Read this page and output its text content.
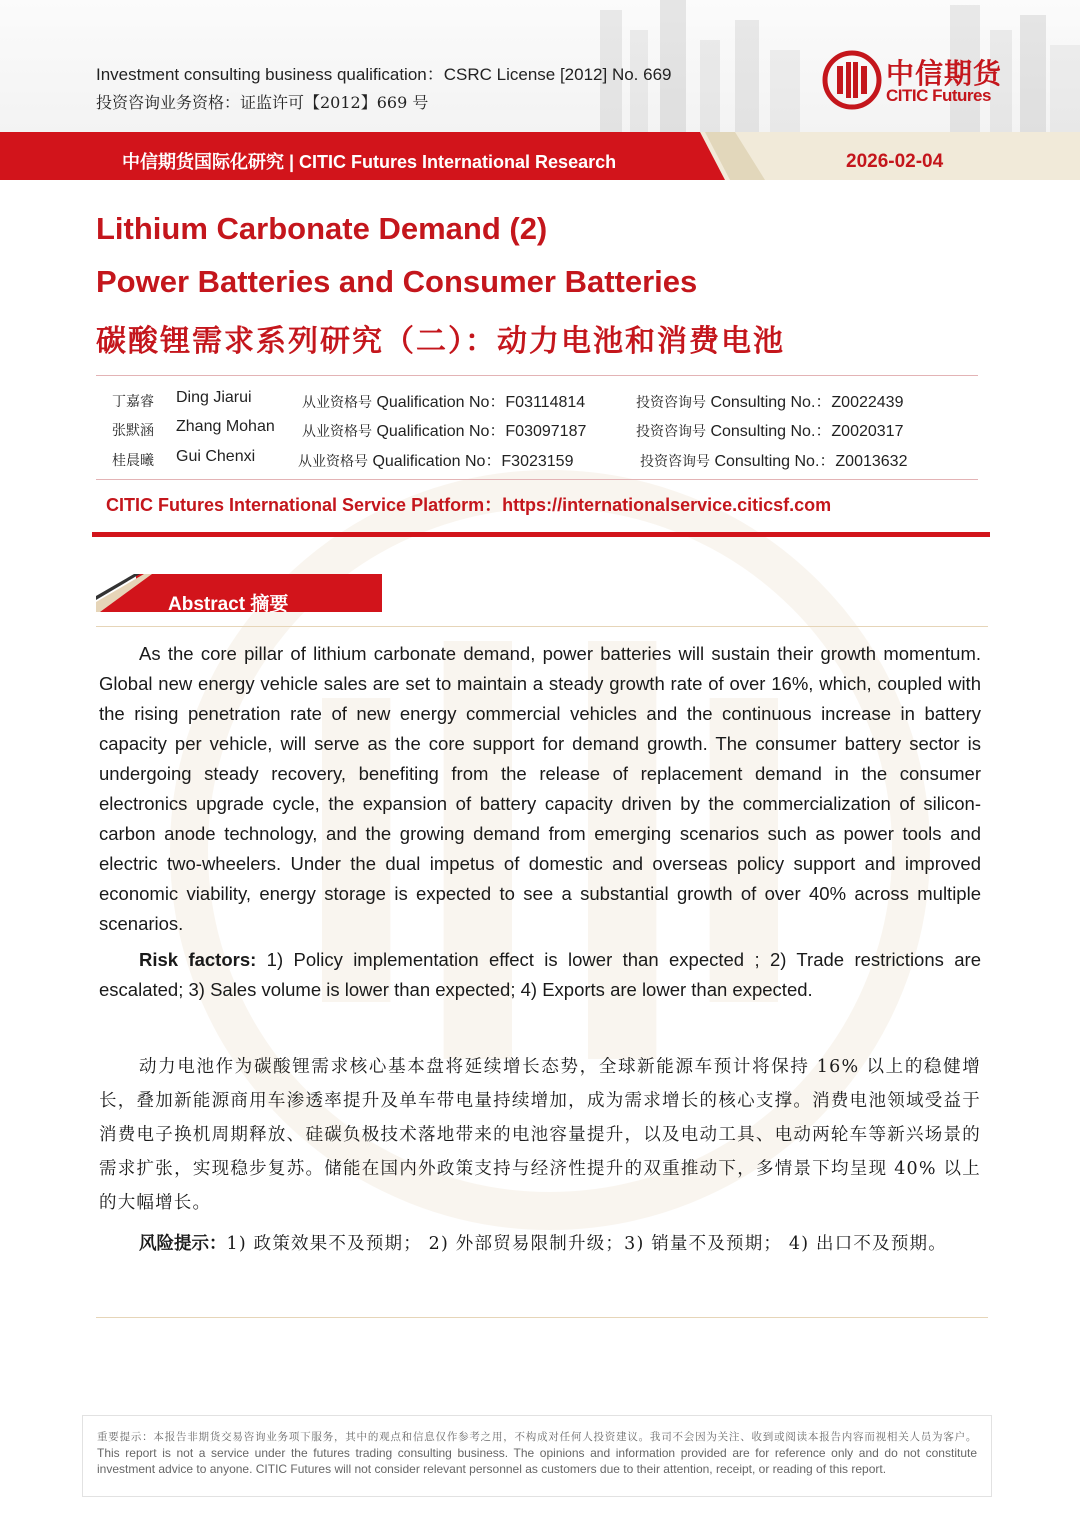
Investment consulting business qualification：CSRC License [2012] No. 669
投资咨询业务资格：证监许可【2012】669 号
中信期货
CITIC Futures
中信期货国际化研究 | CITIC Futures International Research	2026-02-04
Lithium Carbonate Demand (2)
Power Batteries and Consumer Batteries
碳酸锂需求系列研究（二）：动力电池和消费电池
丁嘉睿 Ding Jiarui	从业资格号 Qualification No：F03114814	投资咨询号 Consulting No.：Z0022439
张默涵 Zhang Mohan 从业资格号 Qualification No：F03097187	投资咨询号 Consulting No.：Z0020317
桂晨曦 Gui Chenxi	从业资格号 Qualification No：F3023159	投资咨询号 Consulting No.：Z0013632
CITIC Futures International Service Platform：https://internationalservice.citicsf.com
Abstract 摘要

As the core pillar of lithium carbonate demand, power batteries will sustain their growth momentum. Global new energy vehicle sales are set to maintain a steady growth rate of over 16%, which, coupled with the rising penetration rate of new energy commercial vehicles and the continuous increase in battery capacity per vehicle, will serve as the core support for demand growth. The consumer battery sector is undergoing steady recovery, benefiting from the release of replacement demand in the consumer electronics upgrade cycle, the expansion of battery capacity driven by the commercialization of silicon-carbon anode technology, and the growing demand from emerging scenarios such as power tools and electric two-wheelers. Under the dual impetus of domestic and overseas policy support and improved economic viability, energy storage is expected to see a substantial growth of over 40% across multiple scenarios.

Risk factors: 1) Policy implementation effect is lower than expected ; 2) Trade restrictions are escalated; 3) Sales volume is lower than expected; 4) Exports are lower than expected.

动力电池作为碳酸锂需求核心基本盘将延续增长态势，全球新能源车预计将保持 16% 以上的稳健增长，叠加新能源商用车渗透率提升及单车带电量持续增加，成为需求增长的核心支撑。消费电池领域受益于消费电子换机周期释放、硅碳负极技术落地带来的电池容量提升，以及电动工具、电动两轮车等新兴场景的需求扩张，实现稳步复苏。储能在国内外政策支持与经济性提升的双重推动下，多情景下均呈现 40% 以上的大幅增长。

风险提示：1) 政策效果不及预期； 2) 外部贸易限制升级；3) 销量不及预期； 4) 出口不及预期。

重要提示：本报告非期货交易咨询业务项下服务，其中的观点和信息仅作参考之用，不构成对任何人投资建议。我司不会因为关注、收到或阅读本报告内容而视相关人员为客户。 This report is not a service under the futures trading consulting business. The opinions and information provided are for reference only and do not constitute investment advice to anyone. CITIC Futures will not consider relevant personnel as customers due to their attention, receipt, or reading of this report.
